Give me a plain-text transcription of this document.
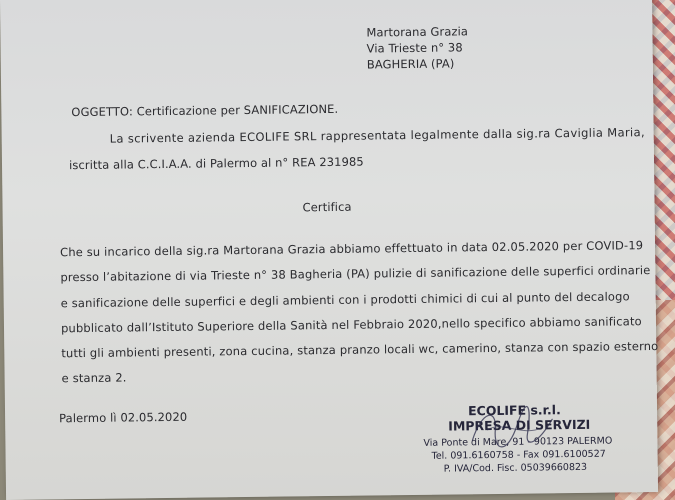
Martorana Grazia
Via Trieste n° 38
BAGHERIA (PA)
OGGETTO: Certificazione per SANIFICAZIONE.
La scrivente azienda ECOLIFE SRL rappresentata legalmente dalla sig.ra Caviglia Maria,
iscritta alla C.C.I.A.A. di Palermo al n° REA 231985
Certifica
Che su incarico della sig.ra Martorana Grazia abbiamo effettuato in data 02.05.2020 per COVID-19
presso l’abitazione di via Trieste n° 38 Bagheria (PA) pulizie di sanificazione delle superfici ordinarie
e sanificazione delle superfici e degli ambienti con i prodotti chimici di cui al punto del decalogo
pubblicato dall’Istituto Superiore della Sanità nel Febbraio 2020,nello specifico abbiamo sanificato
tutti gli ambienti presenti, zona cucina, stanza pranzo locali wc, camerino, stanza con spazio esterno
e stanza 2.
Palermo lì 02.05.2020	ECOLIFE s.r.l.
IMPRESA DI SERVIZI
Via Ponte di Mare, 91 - 90123 PALERMO
Tel. 091.6160758 - Fax 091.6100527
P. IVA/Cod. Fisc. 05039660823
